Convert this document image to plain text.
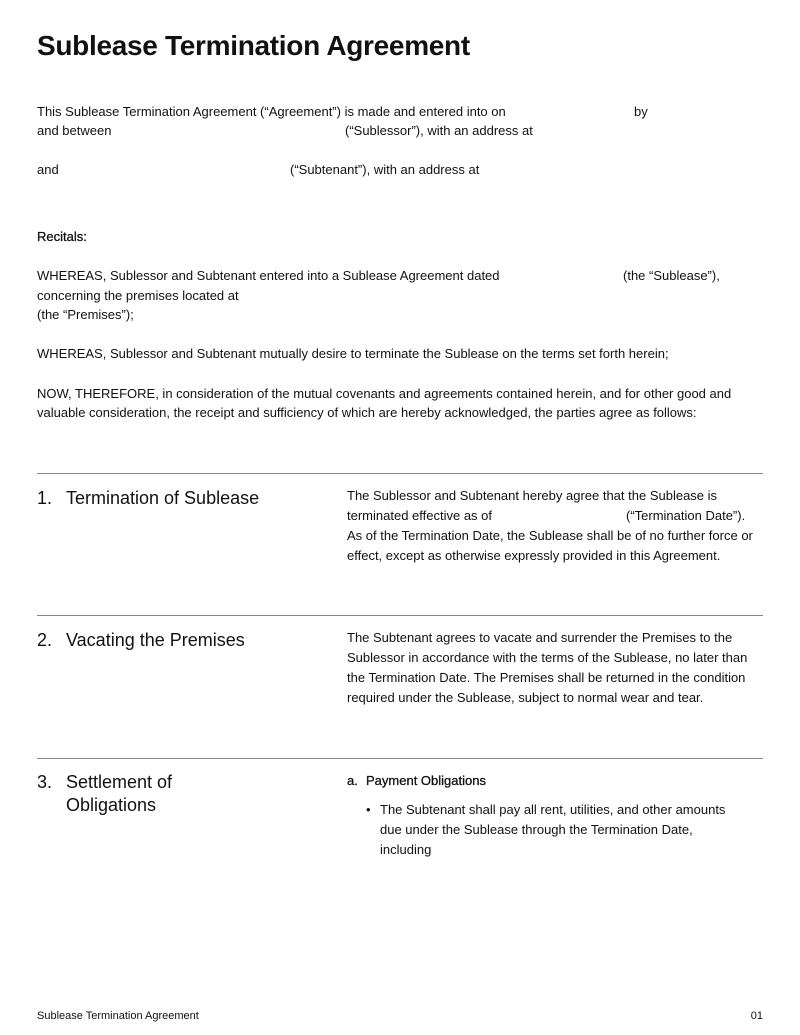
Sublease Termination Agreement
This Sublease Termination Agreement (“Agreement”) is made and entered into on	by
and between	(“Sublessor”), with an address at
and	(“Subtenant”), with an address at
Recitals:
WHEREAS, Sublessor and Subtenant entered into a Sublease Agreement dated	(the “Sublease”),
concerning the premises located at
(the “Premises”);
WHEREAS, Sublessor and Subtenant mutually desire to terminate the Sublease on the terms set forth herein;
NOW, THEREFORE, in consideration of the mutual covenants and agreements contained herein, and for other good and
valuable consideration, the receipt and sufficiency of which are hereby acknowledged, the parties agree as follows:
1. Termination of Sublease	The Sublessor and Subtenant hereby agree that the Sublease is
terminated effective as of	(“Termination Date”).
As of the Termination Date, the Sublease shall be of no further force or
effect, except as otherwise expressly provided in this Agreement.
2. Vacating the Premises	The Subtenant agrees to vacate and surrender the Premises to the
Sublessor in accordance with the terms of the Sublease, no later than
the Termination Date. The Premises shall be returned in the condition
required under the Sublease, subject to normal wear and tear.
3. Settlement of
Obligations
a. Payment Obligations
• The Subtenant shall pay all rent, utilities, and other amounts
due under the Sublease through the Termination Date,
including
Sublease Termination Agreement	01
